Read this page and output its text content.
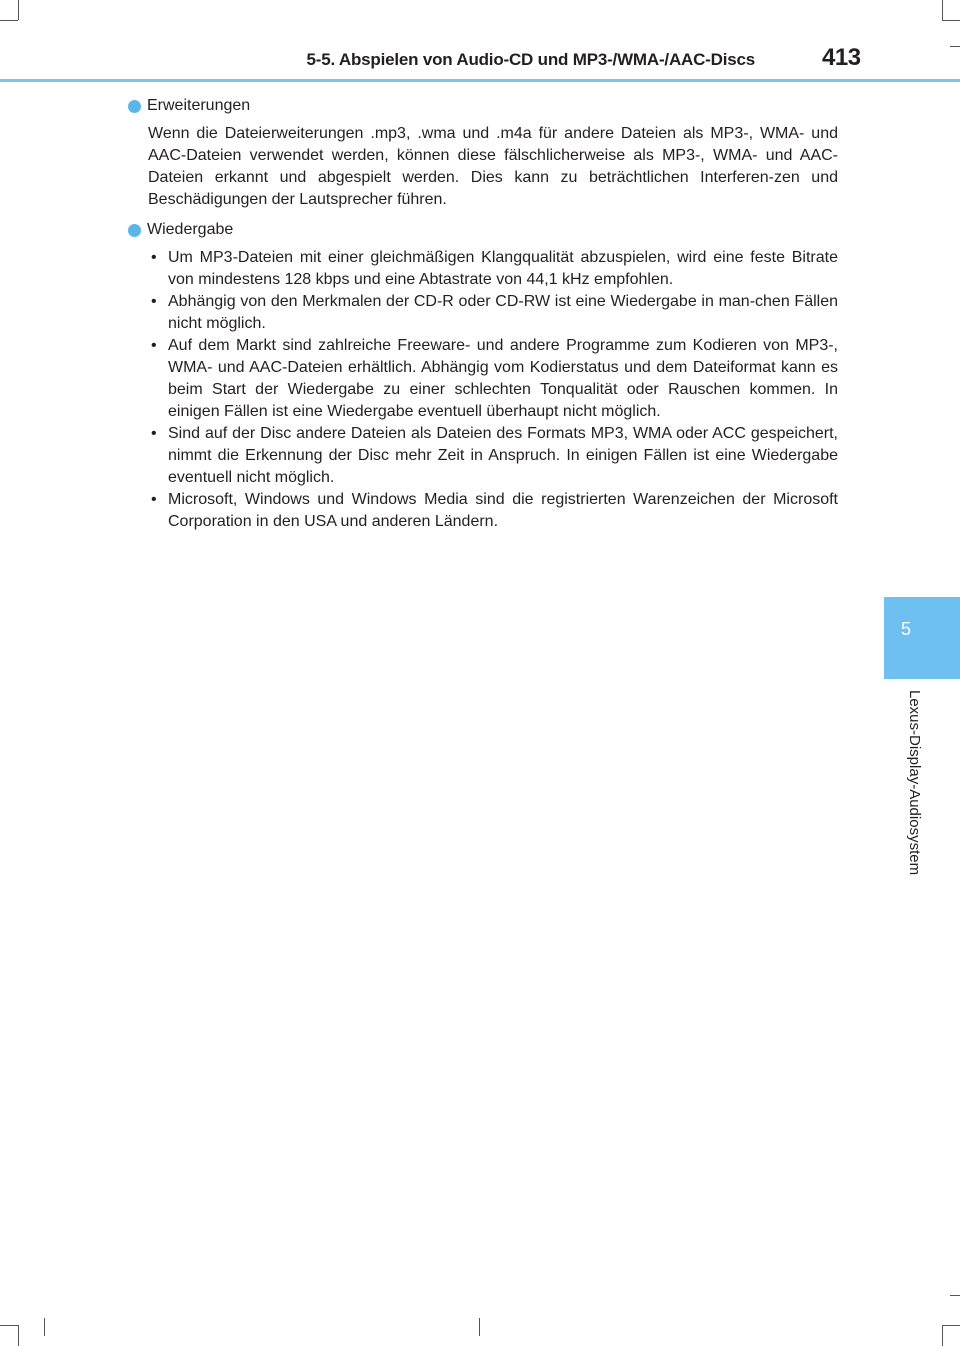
5-5. Abspielen von Audio-CD und MP3-/WMA-/AAC-Discs	413
5
Lexus-Display-Audiosystem
Erweiterungen

Wenn die Dateierweiterungen .mp3, .wma und .m4a für andere Dateien als MP3-, WMA- und AAC-Dateien verwendet werden, können diese fälschlicherweise als MP3-, WMA- und AAC-Dateien erkannt und abgespielt werden. Dies kann zu beträchtlichen Interferen-zen und Beschädigungen der Lautsprecher führen.

Wiedergabe
• Um MP3-Dateien mit einer gleichmäßigen Klangqualität abzuspielen, wird eine feste Bitrate von mindestens 128 kbps und eine Abtastrate von 44,1 kHz empfohlen.
• Abhängig von den Merkmalen der CD-R oder CD-RW ist eine Wiedergabe in man-chen Fällen nicht möglich.
• Auf dem Markt sind zahlreiche Freeware- und andere Programme zum Kodieren von MP3-, WMA- und AAC-Dateien erhältlich. Abhängig vom Kodierstatus und dem Dateiformat kann es beim Start der Wiedergabe zu einer schlechten Tonqualität oder Rauschen kommen. In einigen Fällen ist eine Wiedergabe eventuell überhaupt nicht möglich.
• Sind auf der Disc andere Dateien als Dateien des Formats MP3, WMA oder ACC gespeichert, nimmt die Erkennung der Disc mehr Zeit in Anspruch. In einigen Fällen ist eine Wiedergabe eventuell nicht möglich.
• Microsoft, Windows und Windows Media sind die registrierten Warenzeichen der Microsoft Corporation in den USA und anderen Ländern.
